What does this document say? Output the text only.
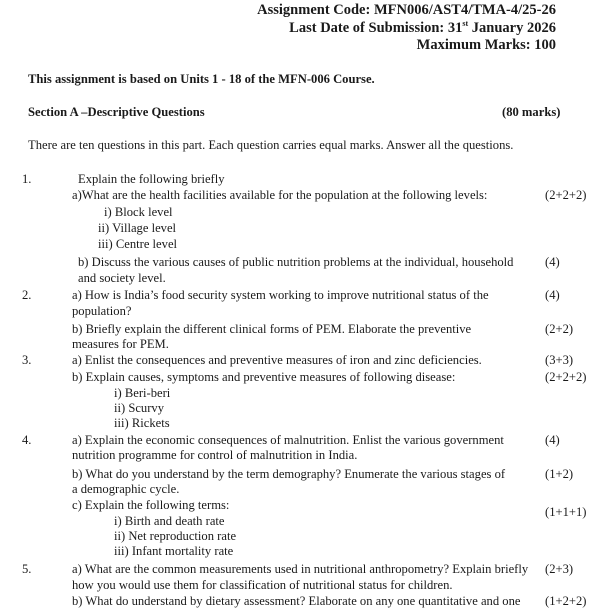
Assignment Code: MFN006/AST4/TMA-4/25-26
Last Date of Submission: 31st January 2026
Maximum Marks: 100
This assignment is based on Units 1 - 18 of the MFN-006 Course.
Section A –Descriptive Questions	(80 marks)
There are ten questions in this part. Each question carries equal marks. Answer all the questions.
1.	Explain the following briefly
a)What are the health facilities available for the population at the following levels:	(2+2+2)
i) Block level
ii) Village level
iii) Centre level
b) Discuss the various causes of public nutrition problems at the individual, household	(4)
and society level.
2.	a) How is India’s food security system working to improve nutritional status of the	(4)
population?
b) Briefly explain the different clinical forms of PEM. Elaborate the preventive	(2+2)
measures for PEM.
3.	a) Enlist the consequences and preventive measures of iron and zinc deficiencies.	(3+3)
b) Explain causes, symptoms and preventive measures of following disease:	(2+2+2)
i) Beri-beri
ii) Scurvy
iii) Rickets
4.	a) Explain the economic consequences of malnutrition. Enlist the various government	(4)
nutrition programme for control of malnutrition in India.
b) What do you understand by the term demography? Enumerate the various stages of	(1+2)
a demographic cycle.
c) Explain the following terms:	(1+1+1)
i) Birth and death rate
ii) Net reproduction rate
iii) Infant mortality rate
5.	a) What are the common measurements used in nutritional anthropometry? Explain briefly (2+3)
how you would use them for classification of nutritional status for children.
b) What do understand by dietary assessment? Elaborate on any one quantitative and one (1+2+2)
